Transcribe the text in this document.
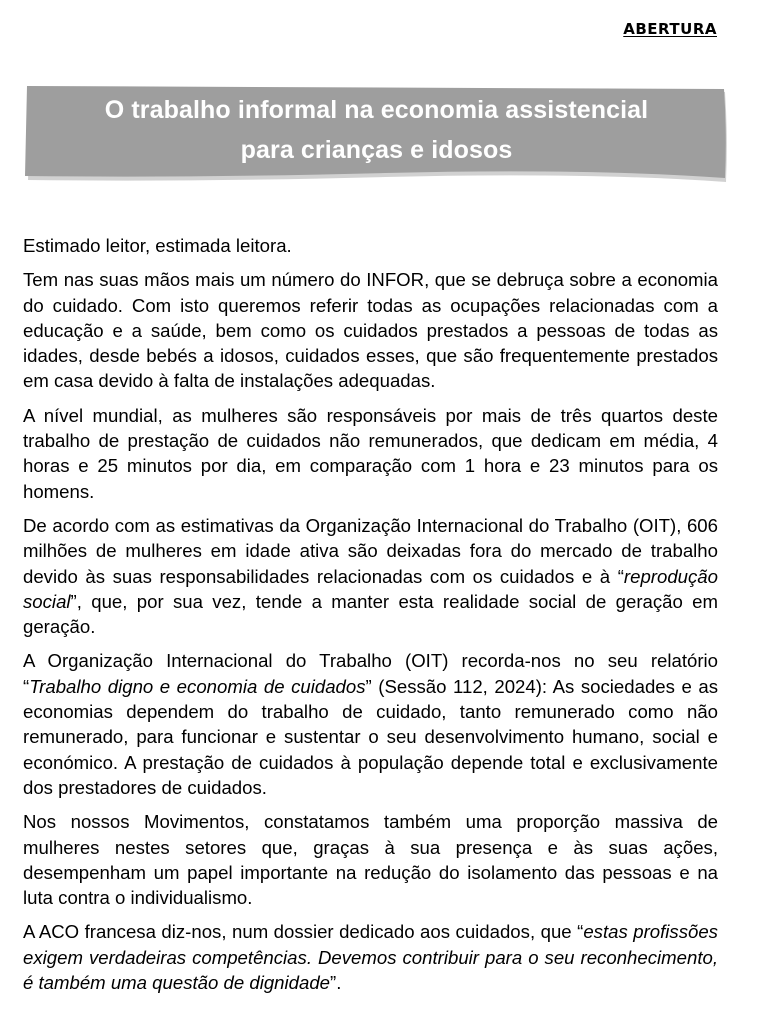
ABERTURA
O trabalho informal na economia assistencial
para crianças e idosos

Estimado leitor, estimada leitora.

Tem nas suas mãos mais um número do INFOR, que se debruça sobre a economia do cuidado. Com isto queremos referir todas as ocupações relacionadas com a educação e a saúde, bem como os cuidados prestados a pessoas de todas as idades, desde bebés a idosos, cuidados esses, que são frequentemente prestados em casa devido à falta de instalações adequadas.

A nível mundial, as mulheres são responsáveis por mais de três quartos deste trabalho de prestação de cuidados não remunerados, que dedicam em média, 4 horas e 25 minutos por dia, em comparação com 1 hora e 23 minutos para os homens.

De acordo com as estimativas da Organização Internacional do Trabalho (OIT), 606 milhões de mulheres em idade ativa são deixadas fora do mercado de trabalho devido às suas responsabilidades relacionadas com os cuidados e à “reprodução social”, que, por sua vez, tende a manter esta realidade social de geração em geração.

A Organização Internacional do Trabalho (OIT) recorda-nos no seu relatório “Trabalho digno e economia de cuidados” (Sessão 112, 2024): As sociedades e as economias dependem do trabalho de cuidado, tanto remunerado como não remunerado, para funcionar e sustentar o seu desenvolvimento humano, social e económico. A prestação de cuidados à população depende total e exclusivamente dos prestadores de cuidados.

Nos nossos Movimentos, constatamos também uma proporção massiva de mulheres nestes setores que, graças à sua presença e às suas ações, desempenham um papel importante na redução do isolamento das pessoas e na luta contra o individualismo.

A ACO francesa diz-nos, num dossier dedicado aos cuidados, que “estas profissões exigem verdadeiras competências. Devemos contribuir para o seu reconhecimento, é também uma questão de dignidade”.
